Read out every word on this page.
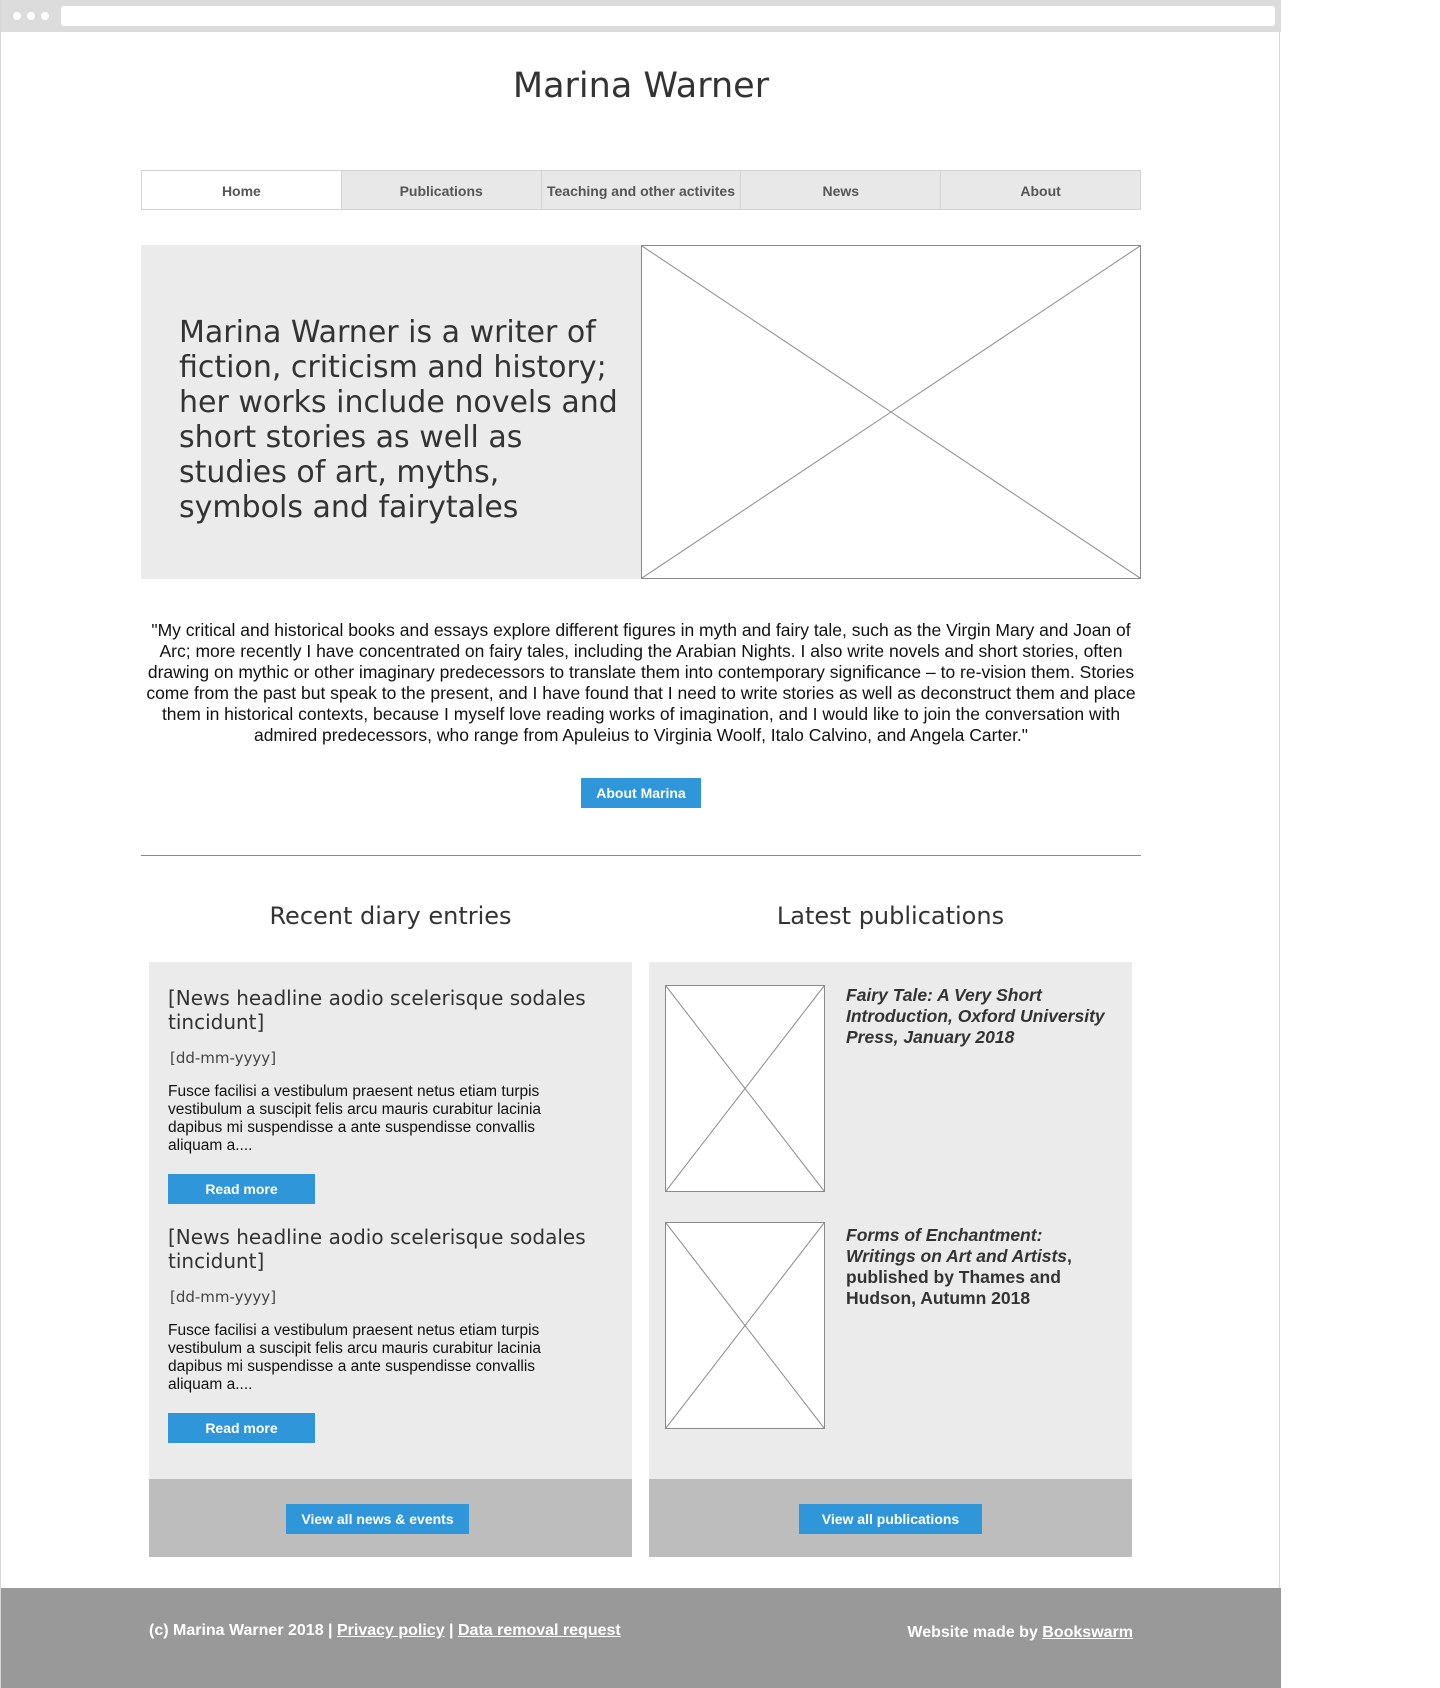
Marina Warner
Home	Publications	Teaching and other activites	News	About
Marina Warner is a writer of fiction, criticism and history; her works include novels and short stories as well as studies of art, myths, symbols and fairytales
"My critical and historical books and essays explore different figures in myth and fairy tale, such as the Virgin Mary and Joan of Arc; more recently I have concentrated on fairy tales, including the Arabian Nights. I also write novels and short stories, often drawing on mythic or other imaginary predecessors to translate them into contemporary significance – to re-vision them. Stories come from the past but speak to the present, and I have found that I need to write stories as well as deconstruct them and place them in historical contexts, because I myself love reading works of imagination, and I would like to join the conversation with admired predecessors, who range from Apuleius to Virginia Woolf, Italo Calvino, and Angela Carter."
About Marina
Recent diary entries	Latest publications
[News headline aodio scelerisque sodales tincidunt]
[dd-mm-yyyy]
Fusce facilisi a vestibulum praesent netus etiam turpis vestibulum a suscipit felis arcu mauris curabitur lacinia dapibus mi suspendisse a ante suspendisse convallis aliquam a....
Read more
[News headline aodio scelerisque sodales tincidunt]
[dd-mm-yyyy]
Fusce facilisi a vestibulum praesent netus etiam turpis vestibulum a suscipit felis arcu mauris curabitur lacinia dapibus mi suspendisse a ante suspendisse convallis aliquam a....
Read more
View all news & events
Fairy Tale: A Very Short Introduction, Oxford University Press, January 2018
Forms of Enchantment: Writings on Art and Artists, published by Thames and Hudson, Autumn 2018
View all publications
(c) Marina Warner 2018 | Privacy policy | Data removal request	Website made by Bookswarm
